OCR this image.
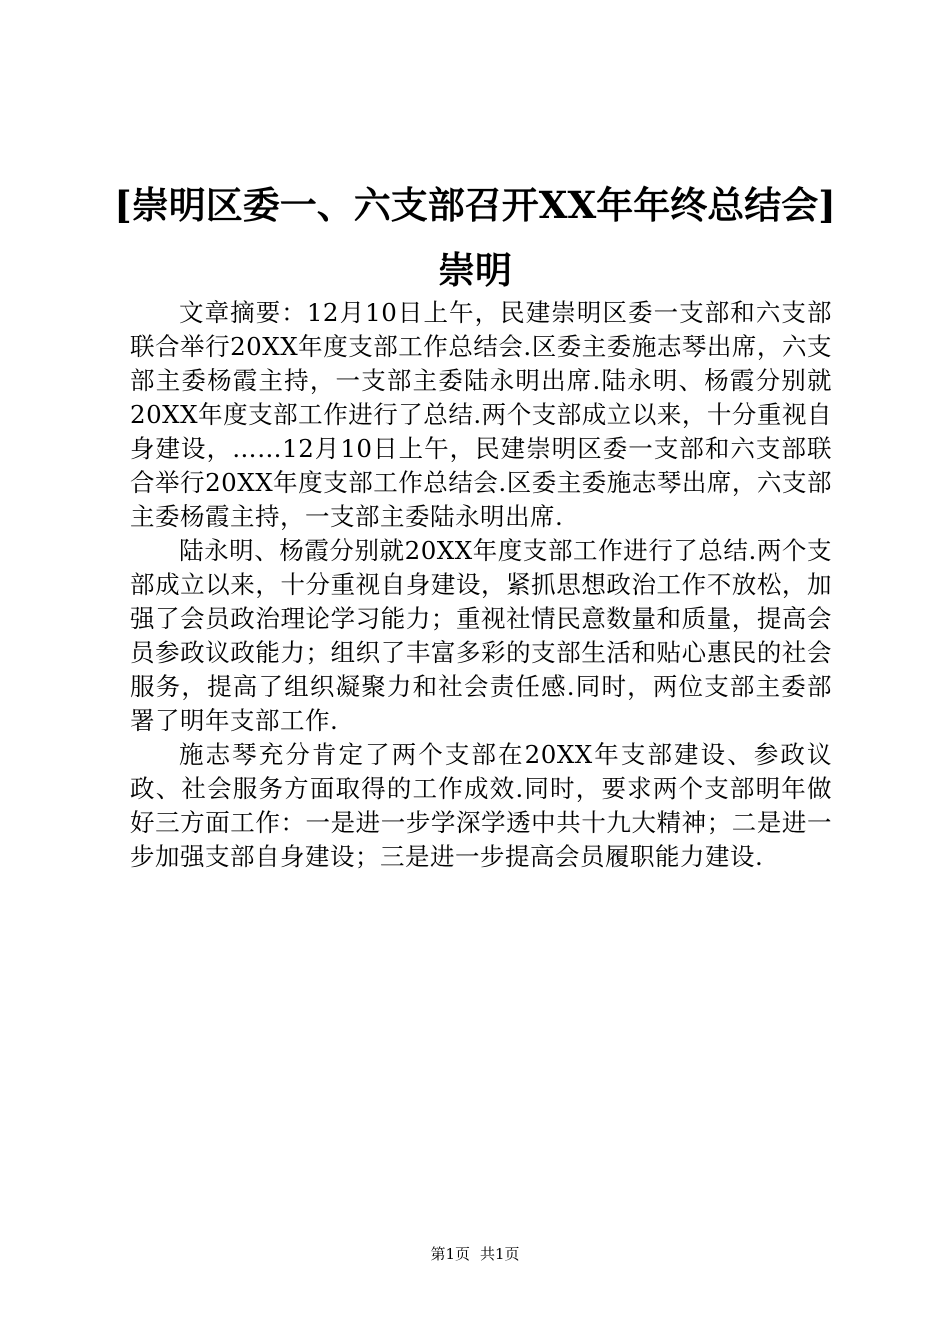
[崇明区委一、六支部召开XX年年终总结会]
崇明

文章摘要：12月10日上午，民建崇明区委一支部和六支部联合举行20XX年度支部工作总结会.区委主委施志琴出席，六支部主委杨霞主持，一支部主委陆永明出席.陆永明、杨霞分别就20XX年度支部工作进行了总结.两个支部成立以来，十分重视自身建设，……12月10日上午，民建崇明区委一支部和六支部联合举行20XX年度支部工作总结会.区委主委施志琴出席，六支部主委杨霞主持，一支部主委陆永明出席.

陆永明、杨霞分别就20XX年度支部工作进行了总结.两个支部成立以来，十分重视自身建设，紧抓思想政治工作不放松，加强了会员政治理论学习能力；重视社情民意数量和质量，提高会员参政议政能力；组织了丰富多彩的支部生活和贴心惠民的社会服务，提高了组织凝聚力和社会责任感.同时，两位支部主委部署了明年支部工作.

施志琴充分肯定了两个支部在20XX年支部建设、参政议政、社会服务方面取得的工作成效.同时，要求两个支部明年做好三方面工作：一是进一步学深学透中共十九大精神；二是进一步加强支部自身建设；三是进一步提高会员履职能力建设.

第1页 共1页
